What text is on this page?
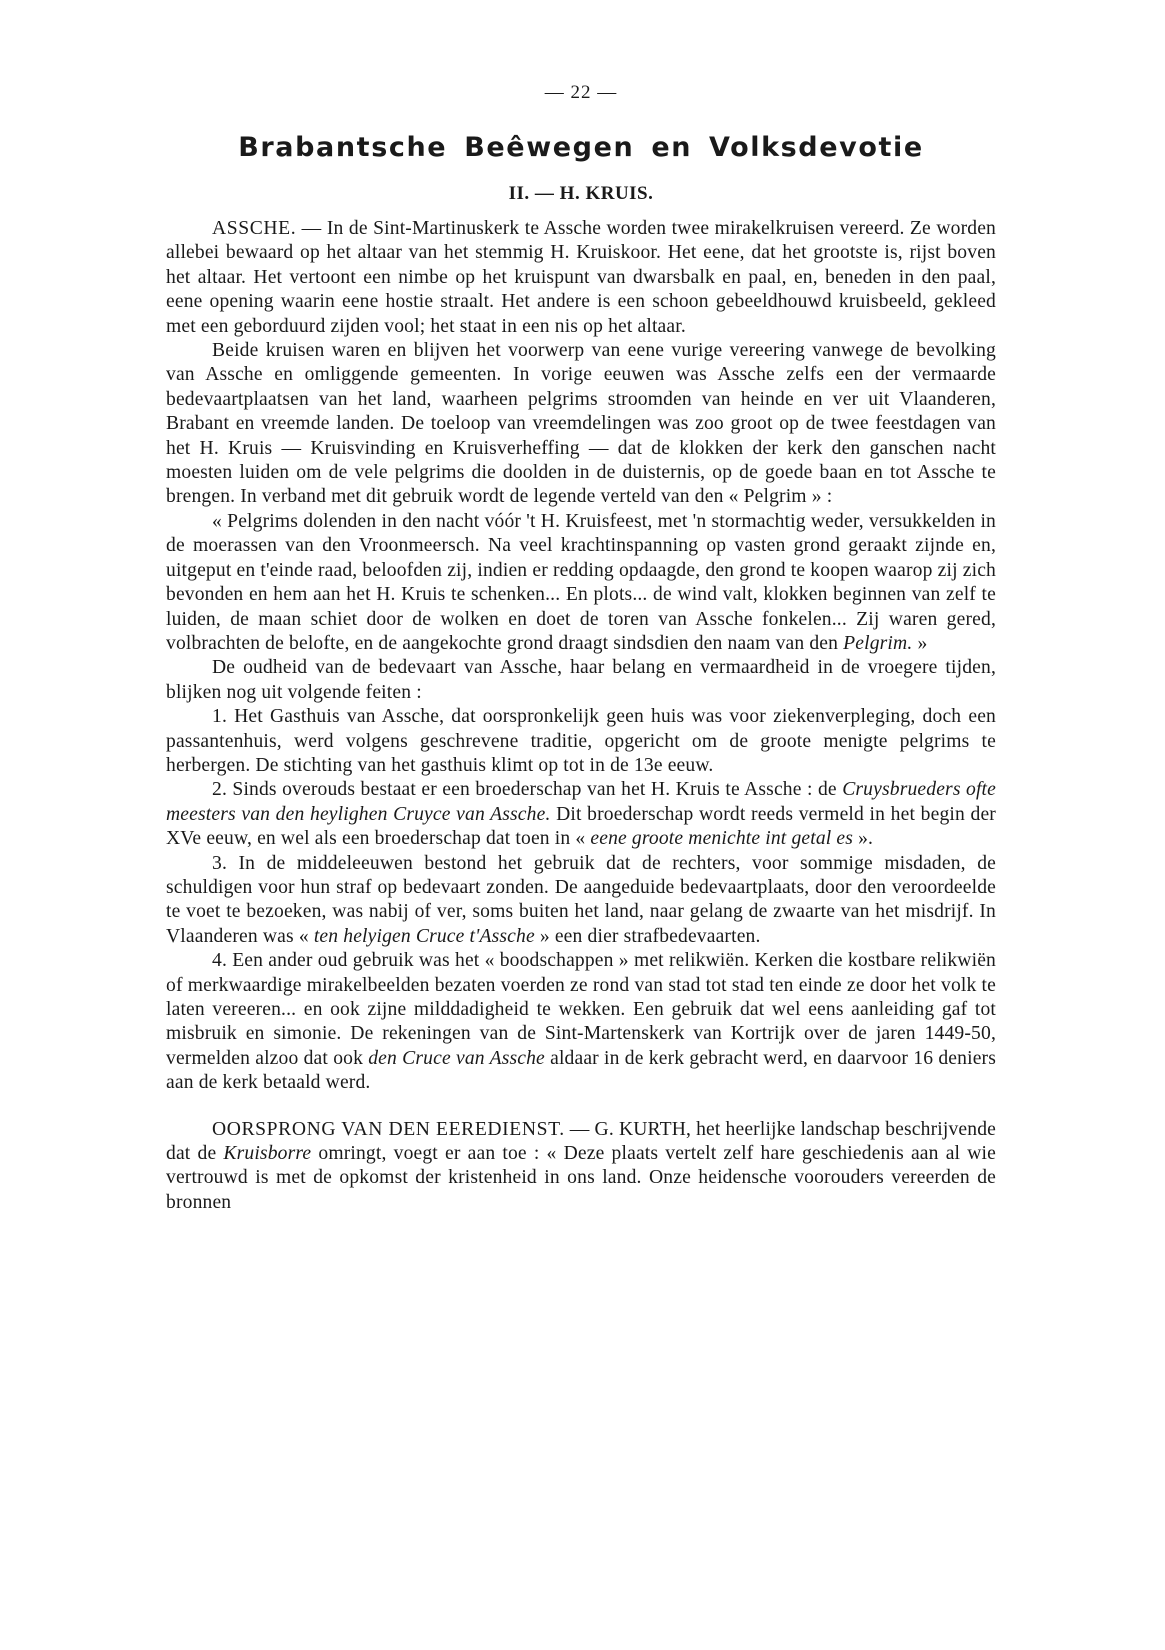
— 22 —
Brabantsche Beêwegen en Volksdevotie
II. — H. KRUIS.

ASSCHE. — In de Sint-Martinuskerk te Assche worden twee mirakelkruisen vereerd. Ze worden allebei bewaard op het altaar van het stemmig H. Kruiskoor. Het eene, dat het grootste is, rijst boven het altaar. Het vertoont een nimbe op het kruispunt van dwarsbalk en paal, en, beneden in den paal, eene opening waarin eene hostie straalt. Het andere is een schoon gebeeldhouwd kruisbeeld, gekleed met een geborduurd zijden vool; het staat in een nis op het altaar.

Beide kruisen waren en blijven het voorwerp van eene vurige vereering vanwege de bevolking van Assche en omliggende gemeenten. In vorige eeuwen was Assche zelfs een der vermaarde bedevaartplaatsen van het land, waarheen pelgrims stroomden van heinde en ver uit Vlaanderen, Brabant en vreemde landen. De toeloop van vreemdelingen was zoo groot op de twee feestdagen van het H. Kruis — Kruisvinding en Kruisverheffing — dat de klokken der kerk den ganschen nacht moesten luiden om de vele pelgrims die doolden in de duisternis, op de goede baan en tot Assche te brengen. In verband met dit gebruik wordt de legende verteld van den « Pelgrim » :

« Pelgrims dolenden in den nacht vóór 't H. Kruisfeest, met 'n stormachtig weder, versukkelden in de moerassen van den Vroonmeersch. Na veel krachtinspanning op vasten grond geraakt zijnde en, uitgeput en t'einde raad, beloofden zij, indien er redding opdaagde, den grond te koopen waarop zij zich bevonden en hem aan het H. Kruis te schenken... En plots... de wind valt, klokken beginnen van zelf te luiden, de maan schiet door de wolken en doet de toren van Assche fonkelen... Zij waren gered, volbrachten de belofte, en de aangekochte grond draagt sindsdien den naam van den Pelgrim. »

De oudheid van de bedevaart van Assche, haar belang en vermaardheid in de vroegere tijden, blijken nog uit volgende feiten :

1. Het Gasthuis van Assche, dat oorspronkelijk geen huis was voor ziekenverpleging, doch een passantenhuis, werd volgens geschrevene traditie, opgericht om de groote menigte pelgrims te herbergen. De stichting van het gasthuis klimt op tot in de 13e eeuw.

2. Sinds overouds bestaat er een broederschap van het H. Kruis te Assche : de Cruysbrueders ofte meesters van den heylighen Cruyce van Assche. Dit broederschap wordt reeds vermeld in het begin der XVe eeuw, en wel als een broederschap dat toen in « eene groote menichte int getal es ».

3. In de middeleeuwen bestond het gebruik dat de rechters, voor sommige misdaden, de schuldigen voor hun straf op bedevaart zonden. De aangeduide bedevaartplaats, door den veroordeelde te voet te bezoeken, was nabij of ver, soms buiten het land, naar gelang de zwaarte van het misdrijf. In Vlaanderen was « ten helyigen Cruce t'Assche » een dier strafbedevaarten.

4. Een ander oud gebruik was het « boodschappen » met relikwiën. Kerken die kostbare relikwiën of merkwaardige mirakelbeelden bezaten voerden ze rond van stad tot stad ten einde ze door het volk te laten vereeren... en ook zijne milddadigheid te wekken. Een gebruik dat wel eens aanleiding gaf tot misbruik en simonie. De rekeningen van de Sint-Martenskerk van Kortrijk over de jaren 1449-50, vermelden alzoo dat ook den Cruce van Assche aldaar in de kerk gebracht werd, en daarvoor 16 deniers aan de kerk betaald werd.

OORSPRONG VAN DEN EEREDIENST. — G. KURTH, het heerlijke landschap beschrijvende dat de Kruisborre omringt, voegt er aan toe : « Deze plaats vertelt zelf hare geschiedenis aan al wie vertrouwd is met de opkomst der kristenheid in ons land. Onze heidensche voorouders vereerden de bronnen
